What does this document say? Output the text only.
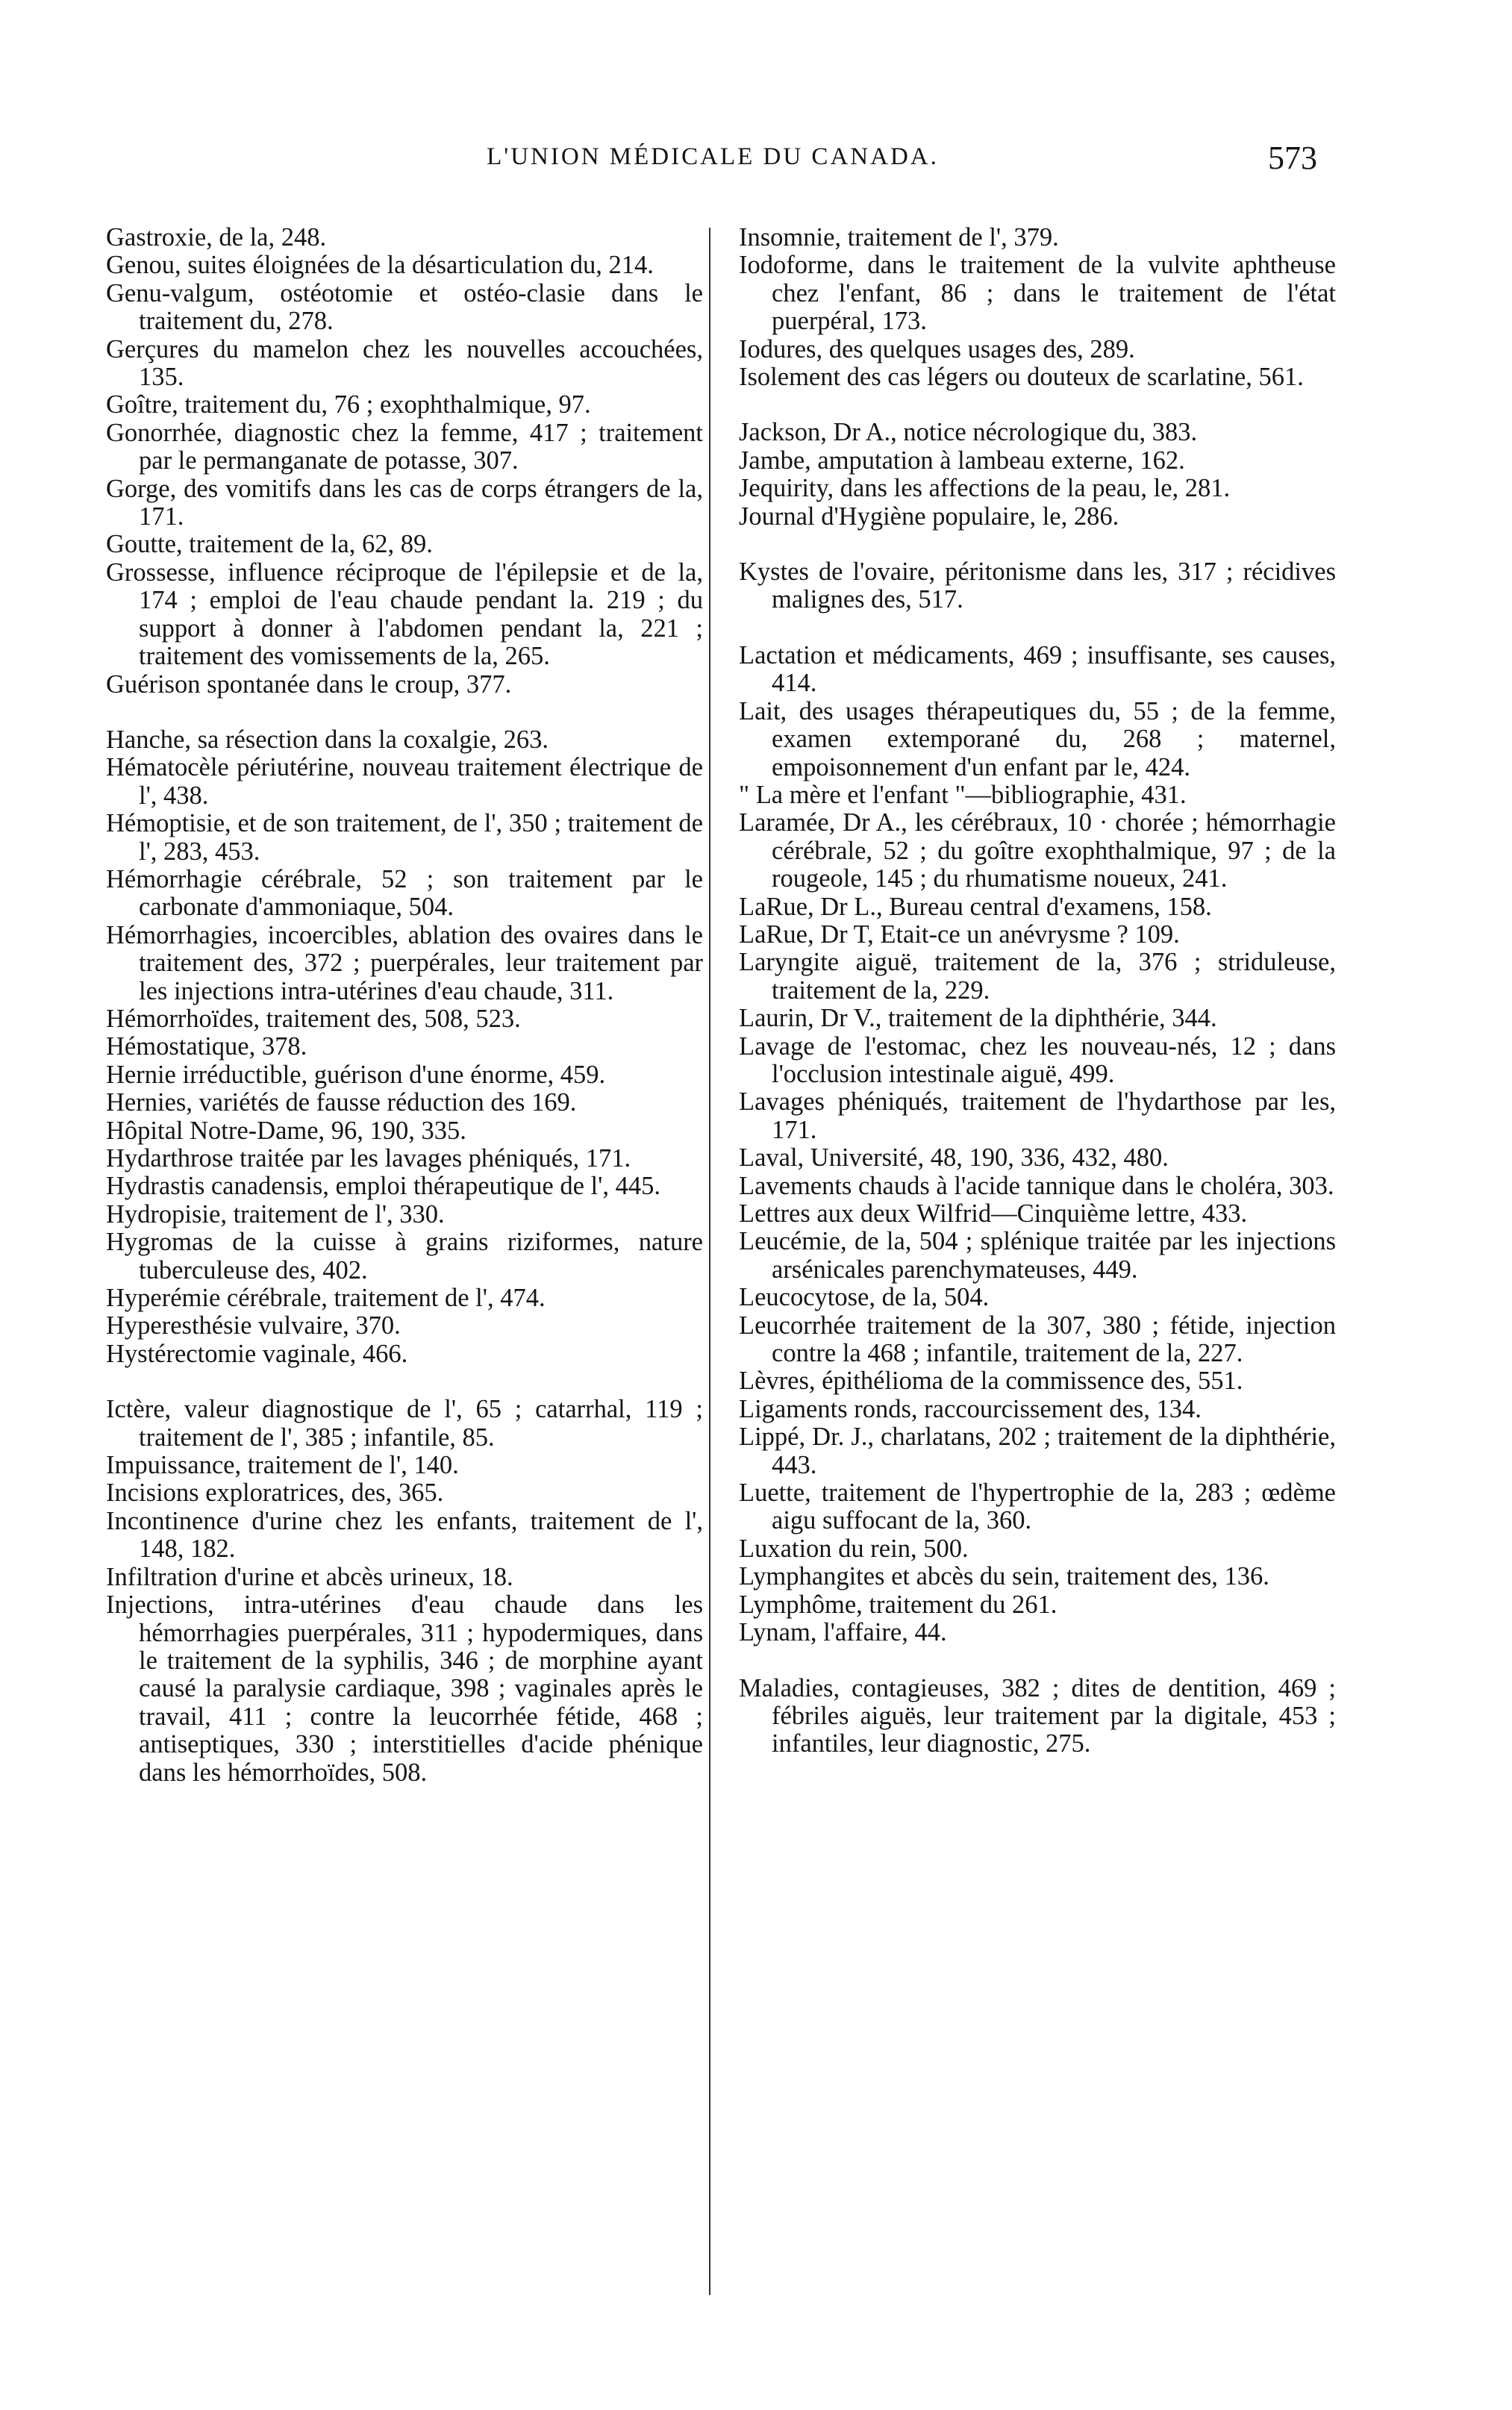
L'UNION MÉDICALE DU CANADA.	573
Gastroxie, de la, 248.
Genou, suites éloignées de la désarticulation du, 214.
Genu-valgum, ostéotomie et ostéo-clasie dans le traitement du, 278.
Gerçures du mamelon chez les nouvelles accouchées, 135.
Goître, traitement du, 76 ; exophthalmique, 97.
Gonorrhée, diagnostic chez la femme, 417 ; traitement par le permanganate de potasse, 307.
Gorge, des vomitifs dans les cas de corps étrangers de la, 171.
Goutte, traitement de la, 62, 89.
Grossesse, influence réciproque de l'épilepsie et de la, 174 ; emploi de l'eau chaude pendant la. 219 ; du support à donner à l'abdomen pendant la, 221 ; traitement des vomissements de la, 265.
Guérison spontanée dans le croup, 377.
Hanche, sa résection dans la coxalgie, 263.
Hématocèle périutérine, nouveau traitement électrique de l', 438.
Hémoptisie, et de son traitement, de l', 350 ; traitement de l', 283, 453.
Hémorrhagie cérébrale, 52 ; son traitement par le carbonate d'ammoniaque, 504.
Hémorrhagies, incoercibles, ablation des ovaires dans le traitement des, 372 ; puerpérales, leur traitement par les injections intra-utérines d'eau chaude, 311.
Hémorrhoïdes, traitement des, 508, 523.
Hémostatique, 378.
Hernie irréductible, guérison d'une énorme, 459.
Hernies, variétés de fausse réduction des 169.
Hôpital Notre-Dame, 96, 190, 335.
Hydarthrose traitée par les lavages phéniqués, 171.
Hydrastis canadensis, emploi thérapeutique de l', 445.
Hydropisie, traitement de l', 330.
Hygromas de la cuisse à grains riziformes, nature tuberculeuse des, 402.
Hyperémie cérébrale, traitement de l', 474.
Hyperesthésie vulvaire, 370.
Hystérectomie vaginale, 466.
Ictère, valeur diagnostique de l', 65 ; catarrhal, 119 ; traitement de l', 385 ; infantile, 85.
Impuissance, traitement de l', 140.
Incisions exploratrices, des, 365.
Incontinence d'urine chez les enfants, traitement de l', 148, 182.
Infiltration d'urine et abcès urineux, 18.
Injections, intra-utérines d'eau chaude dans les hémorrhagies puerpérales, 311 ; hypodermiques, dans le traitement de la syphilis, 346 ; de morphine ayant causé la paralysie cardiaque, 398 ; vaginales après le travail, 411 ; contre la leucorrhée fétide, 468 ; antiseptiques, 330 ; interstitielles d'acide phénique dans les hémorrhoïdes, 508.
Insomnie, traitement de l', 379.
Iodoforme, dans le traitement de la vulvite aphtheuse chez l'enfant, 86 ; dans le traitement de l'état puerpéral, 173.
Iodures, des quelques usages des, 289.
Isolement des cas légers ou douteux de scarlatine, 561.
Jackson, Dr A., notice nécrologique du, 383.
Jambe, amputation à lambeau externe, 162.
Jequirity, dans les affections de la peau, le, 281.
Journal d'Hygiène populaire, le, 286.
Kystes de l'ovaire, péritonisme dans les, 317 ; récidives malignes des, 517.
Lactation et médicaments, 469 ; insuffisante, ses causes, 414.
Lait, des usages thérapeutiques du, 55 ; de la femme, examen extemporané du, 268 ; maternel, empoisonnement d'un enfant par le, 424.
" La mère et l'enfant "—bibliographie, 431.
Laramée, Dr A., les cérébraux, 10 · chorée ; hémorrhagie cérébrale, 52 ; du goître exophthalmique, 97 ; de la rougeole, 145 ; du rhumatisme noueux, 241.
LaRue, Dr L., Bureau central d'examens, 158.
LaRue, Dr T, Etait-ce un anévrysme ? 109.
Laryngite aiguë, traitement de la, 376 ; striduleuse, traitement de la, 229.
Laurin, Dr V., traitement de la diphthérie, 344.
Lavage de l'estomac, chez les nouveau-nés, 12 ; dans l'occlusion intestinale aiguë, 499.
Lavages phéniqués, traitement de l'hydarthose par les, 171.
Laval, Université, 48, 190, 336, 432, 480.
Lavements chauds à l'acide tannique dans le choléra, 303.
Lettres aux deux Wilfrid—Cinquième lettre, 433.
Leucémie, de la, 504 ; splénique traitée par les injections arsénicales parenchymateuses, 449.
Leucocytose, de la, 504.
Leucorrhée traitement de la 307, 380 ; fétide, injection contre la 468 ; infantile, traitement de la, 227.
Lèvres, épithélioma de la commissence des, 551.
Ligaments ronds, raccourcissement des, 134.
Lippé, Dr. J., charlatans, 202 ; traitement de la diphthérie, 443.
Luette, traitement de l'hypertrophie de la, 283 ; œdème aigu suffocant de la, 360.
Luxation du rein, 500.
Lymphangites et abcès du sein, traitement des, 136.
Lymphôme, traitement du 261.
Lynam, l'affaire, 44.
Maladies, contagieuses, 382 ; dites de dentition, 469 ; fébriles aiguës, leur traitement par la digitale, 453 ; infantiles, leur diagnostic, 275.
